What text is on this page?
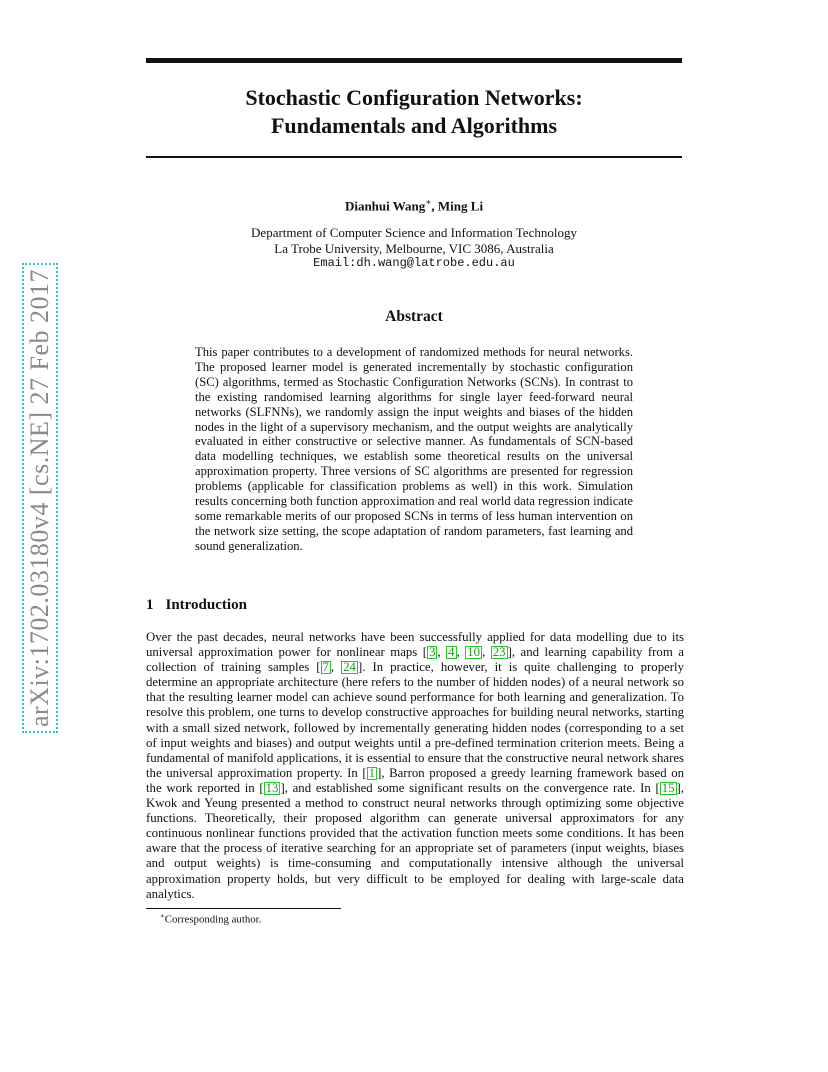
arXiv:1702.03180v4 [cs.NE] 27 Feb 2017
Stochastic Configuration Networks:
Fundamentals and Algorithms
Dianhui Wang∗, Ming Li
Department of Computer Science and Information Technology
La Trobe University, Melbourne, VIC 3086, Australia
Email:dh.wang@latrobe.edu.au
Abstract

This paper contributes to a development of randomized methods for neural networks. The proposed learner model is generated incrementally by stochastic configuration (SC) algorithms, termed as Stochastic Configuration Networks (SCNs). In contrast to the existing randomised learning algorithms for single layer feed-forward neural networks (SLFNNs), we randomly assign the input weights and biases of the hidden nodes in the light of a supervisory mechanism, and the output weights are analytically evaluated in either constructive or selective manner. As fundamentals of SCN-based data modelling techniques, we establish some theoretical results on the universal approximation property. Three versions of SC algorithms are presented for regression problems (applicable for classification problems as well) in this work. Simulation results concerning both function approximation and real world data regression indicate some remarkable merits of our proposed SCNs in terms of less human intervention on the network size setting, the scope adaptation of random parameters, fast learning and sound generalization.

1 Introduction

Over the past decades, neural networks have been successfully applied for data modelling due to its universal approximation power for nonlinear maps [ 3 , 4 , 10 , 23 ], and learning capability from a collection of training samples [ 7 , 24 ]. In practice, however, it is quite challenging to properly determine an appropriate architecture (here refers to the number of hidden nodes) of a neural network so that the resulting learner model can achieve sound performance for both learning and generalization. To resolve this problem, one turns to develop constructive approaches for building neural networks, starting with a small sized network, followed by incrementally generating hidden nodes (corresponding to a set of input weights and biases) and output weights until a pre-defined termination criterion meets. Being a fundamental of manifold applications, it is essential to ensure that the constructive neural network shares the universal approximation property. In [ 1 ], Barron proposed a greedy learning framework based on the work reported in [ 13 ], and established some significant results on the convergence rate. In [ 15 ], Kwok and Yeung presented a method to construct neural networks through optimizing some objective functions. Theoretically, their proposed algorithm can generate universal approximators for any continuous nonlinear functions provided that the activation function meets some conditions. It has been aware that the process of iterative searching for an appropriate set of parameters (input weights, biases and output weights) is time-consuming and computationally intensive although the universal approximation property holds, but very difficult to be employed for dealing with large-scale data analytics.

∗Corresponding author.
